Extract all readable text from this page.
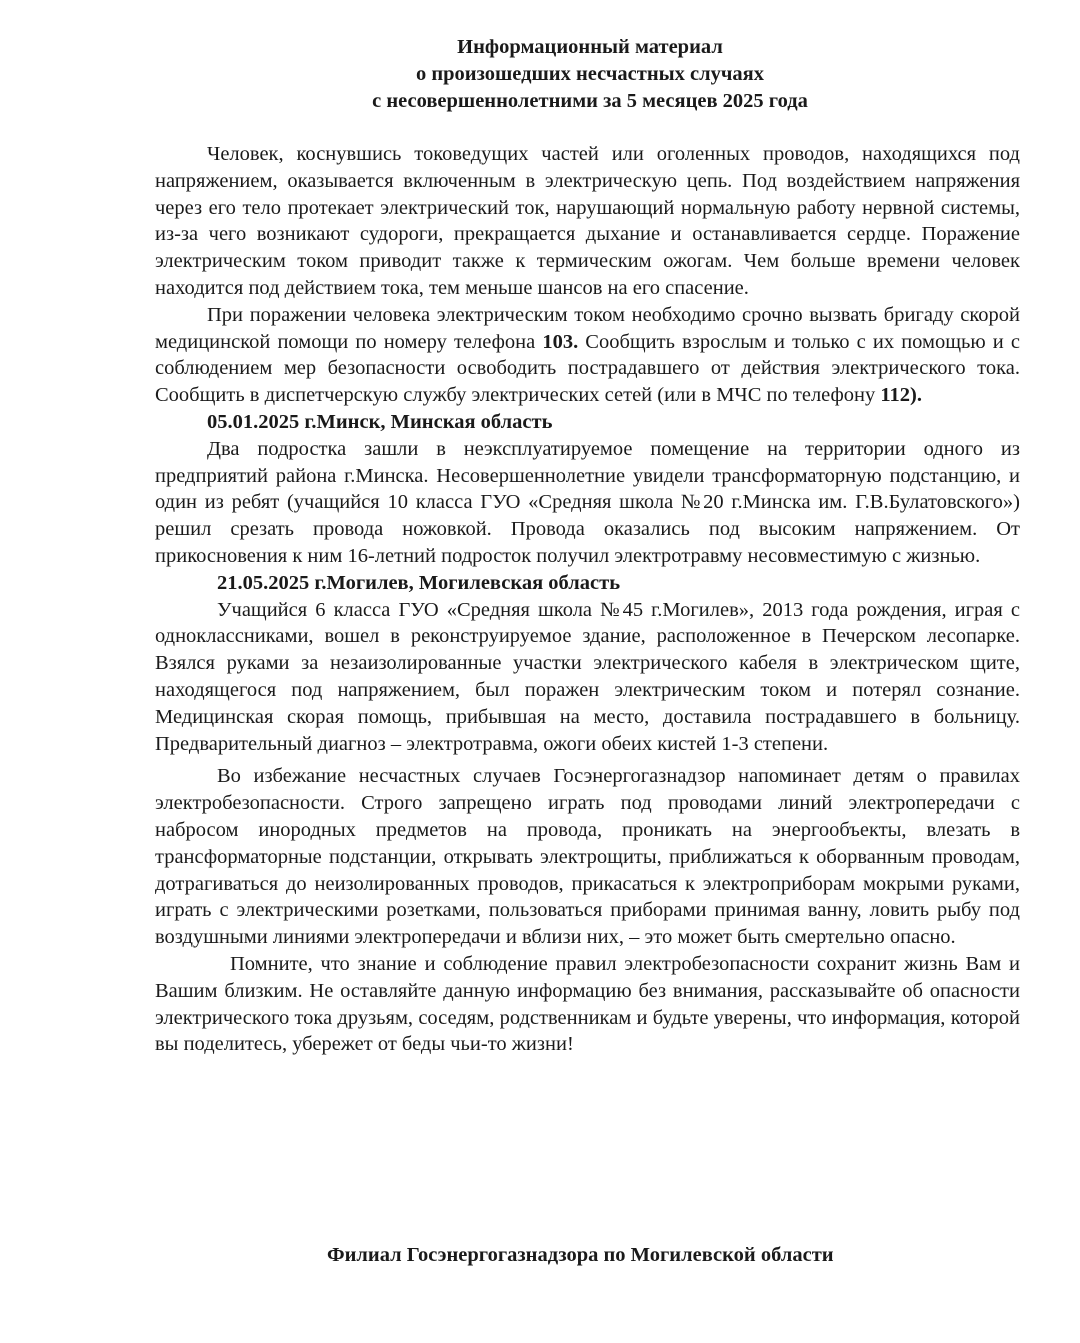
Информационный материал
о произошедших несчастных случаях
с несовершеннолетними за 5 месяцев 2025 года

Человек, коснувшись токоведущих частей или оголенных проводов, находящихся под напряжением, оказывается включенным в электрическую цепь. Под воздействием напряжения через его тело протекает электрический ток, нарушающий нормальную работу нервной системы, из-за чего возникают судороги, прекращается дыхание и останавливается сердце. Поражение электрическим током приводит также к термическим ожогам. Чем больше времени человек находится под действием тока, тем меньше шансов на его спасение.

При поражении человека электрическим током необходимо срочно вызвать бригаду скорой медицинской помощи по номеру телефона 103. Сообщить взрослым и только с их помощью и с соблюдением мер безопасности освободить пострадавшего от действия электрического тока. Сообщить в диспетчерскую службу электрических сетей (или в МЧС по телефону 112).

05.01.2025 г.Минск, Минская область

Два подростка зашли в неэксплуатируемое помещение на территории одного из предприятий района г.Минска. Несовершеннолетние увидели трансформаторную подстанцию, и один из ребят (учащийся 10 класса ГУО «Средняя школа №20 г.Минска им. Г.В.Булатовского») решил срезать провода ножовкой. Провода оказались под высоким напряжением. От прикосновения к ним 16-летний подросток получил электротравму несовместимую с жизнью.

21.05.2025 г.Могилев, Могилевская область

Учащийся 6 класса ГУО «Средняя школа №45 г.Могилев», 2013 года рождения, играя с одноклассниками, вошел в реконструируемое здание, расположенное в Печерском лесопарке. Взялся руками за незаизолированные участки электрического кабеля в электрическом щите, находящегося под напряжением, был поражен электрическим током и потерял сознание. Медицинская скорая помощь, прибывшая на место, доставила пострадавшего в больницу. Предварительный диагноз – электротравма, ожоги обеих кистей 1-3 степени.

Во избежание несчастных случаев Госэнергогазнадзор напоминает детям о правилах электробезопасности. Строго запрещено играть под проводами линий электропередачи с набросом инородных предметов на провода, проникать на энергообъекты, влезать в трансформаторные подстанции, открывать электрощиты, приближаться к оборванным проводам, дотрагиваться до неизолированных проводов, прикасаться к электроприборам мокрыми руками, играть с электрическими розетками, пользоваться приборами принимая ванну, ловить рыбу под воздушными линиями электропередачи и вблизи них, – это может быть смертельно опасно.

Помните, что знание и соблюдение правил электробезопасности сохранит жизнь Вам и Вашим близким. Не оставляйте данную информацию без внимания, рассказывайте об опасности электрического тока друзьям, соседям, родственникам и будьте уверены, что информация, которой вы поделитесь, убережет от беды чьи-то жизни!

Филиал Госэнергогазнадзора по Могилевской области
